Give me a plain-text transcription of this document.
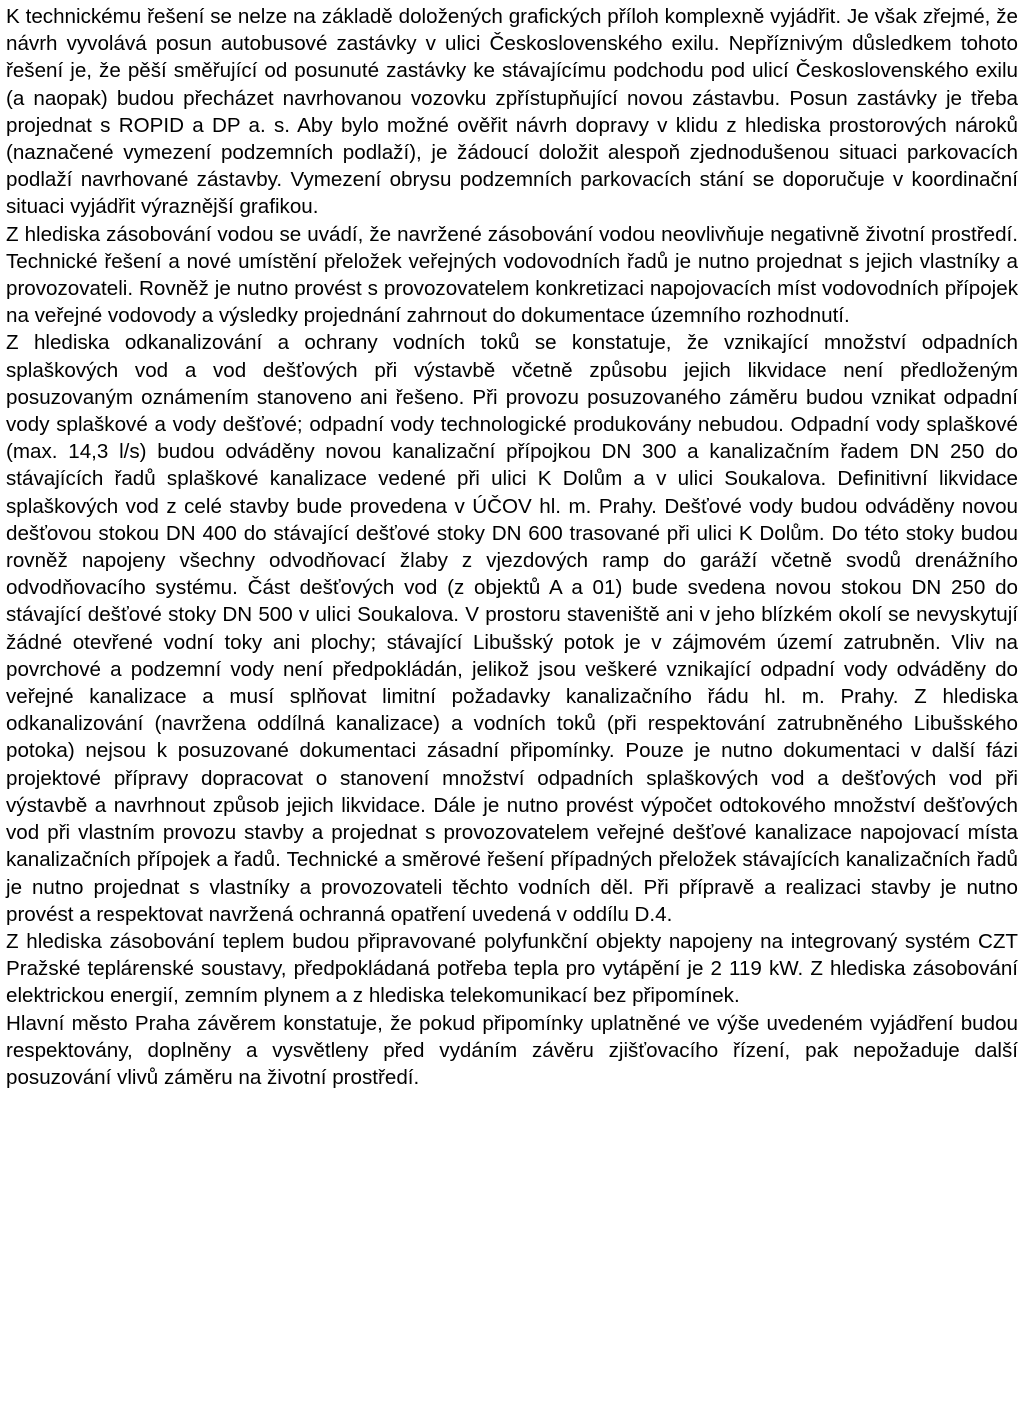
K technickému řešení se nelze na základě doložených grafických příloh komplexně vyjádřit. Je však zřejmé, že návrh vyvolává posun autobusové zastávky v ulici Československého exilu. Nepříznivým důsledkem tohoto řešení je, že pěší směřující od posunuté zastávky ke stávajícímu podchodu pod ulicí Československého exilu (a naopak) budou přecházet navrhovanou vozovku zpřístupňující novou zástavbu. Posun zastávky je třeba projednat s ROPID a DP a. s. Aby bylo možné ověřit návrh dopravy v klidu z hlediska prostorových nároků (naznačené vymezení podzemních podlaží), je žádoucí doložit alespoň zjednodušenou situaci parkovacích podlaží navrhované zástavby. Vymezení obrysu podzemních parkovacích stání se doporučuje v koordinační situaci vyjádřit výraznější grafikou.

Z hlediska zásobování vodou se uvádí, že navržené zásobování vodou neovlivňuje negativně životní prostředí. Technické řešení a nové umístění přeložek veřejných vodovodních řadů je nutno projednat s jejich vlastníky a provozovateli. Rovněž je nutno provést s provozovatelem konkretizaci napojovacích míst vodovodních přípojek na veřejné vodovody a výsledky projednání zahrnout do dokumentace územního rozhodnutí.

Z hlediska odkanalizování a ochrany vodních toků se konstatuje, že vznikající množství odpadních splaškových vod a vod dešťových při výstavbě včetně způsobu jejich likvidace není předloženým posuzovaným oznámením stanoveno ani řešeno. Při provozu posuzovaného záměru budou vznikat odpadní vody splaškové a vody dešťové; odpadní vody technologické produkovány nebudou. Odpadní vody splaškové (max. 14,3 l/s) budou odváděny novou kanalizační přípojkou DN 300 a kanalizačním řadem DN 250 do stávajících řadů splaškové kanalizace vedené při ulici K Dolům a v ulici Soukalova. Definitivní likvidace splaškových vod z celé stavby bude provedena v ÚČOV hl. m. Prahy. Dešťové vody budou odváděny novou dešťovou stokou DN 400 do stávající dešťové stoky DN 600 trasované při ulici K Dolům. Do této stoky budou rovněž napojeny všechny odvodňovací žlaby z vjezdových ramp do garáží včetně svodů drenážního odvodňovacího systému. Část dešťových vod (z objektů A a 01) bude svedena novou stokou DN 250 do stávající dešťové stoky DN 500 v ulici Soukalova. V prostoru staveniště ani v jeho blízkém okolí se nevyskytují žádné otevřené vodní toky ani plochy; stávající Libušský potok je v zájmovém území zatrubněn. Vliv na povrchové a podzemní vody není předpokládán, jelikož jsou veškeré vznikající odpadní vody odváděny do veřejné kanalizace a musí splňovat limitní požadavky kanalizačního řádu hl. m. Prahy. Z hlediska odkanalizování (navržena oddílná kanalizace) a vodních toků (při respektování zatrubněného Libušského potoka) nejsou k posuzované dokumentaci zásadní připomínky. Pouze je nutno dokumentaci v další fázi projektové přípravy dopracovat o stanovení množství odpadních splaškových vod a dešťových vod při výstavbě a navrhnout způsob jejich likvidace. Dále je nutno provést výpočet odtokového množství dešťových vod při vlastním provozu stavby a projednat s provozovatelem veřejné dešťové kanalizace napojovací místa kanalizačních přípojek a řadů. Technické a směrové řešení případných přeložek stávajících kanalizačních řadů je nutno projednat s vlastníky a provozovateli těchto vodních děl. Při přípravě a realizaci stavby je nutno provést a respektovat navržená ochranná opatření uvedená v oddílu D.4.

Z hlediska zásobování teplem budou připravované polyfunkční objekty napojeny na integrovaný systém CZT Pražské teplárenské soustavy, předpokládaná potřeba tepla pro vytápění je 2 119 kW. Z hlediska zásobování elektrickou energií, zemním plynem a z hlediska telekomunikací bez připomínek.

Hlavní město Praha závěrem konstatuje, že pokud připomínky uplatněné ve výše uvedeném vyjádření budou respektovány, doplněny a vysvětleny před vydáním závěru zjišťovacího řízení, pak nepožaduje další posuzování vlivů záměru na životní prostředí.
